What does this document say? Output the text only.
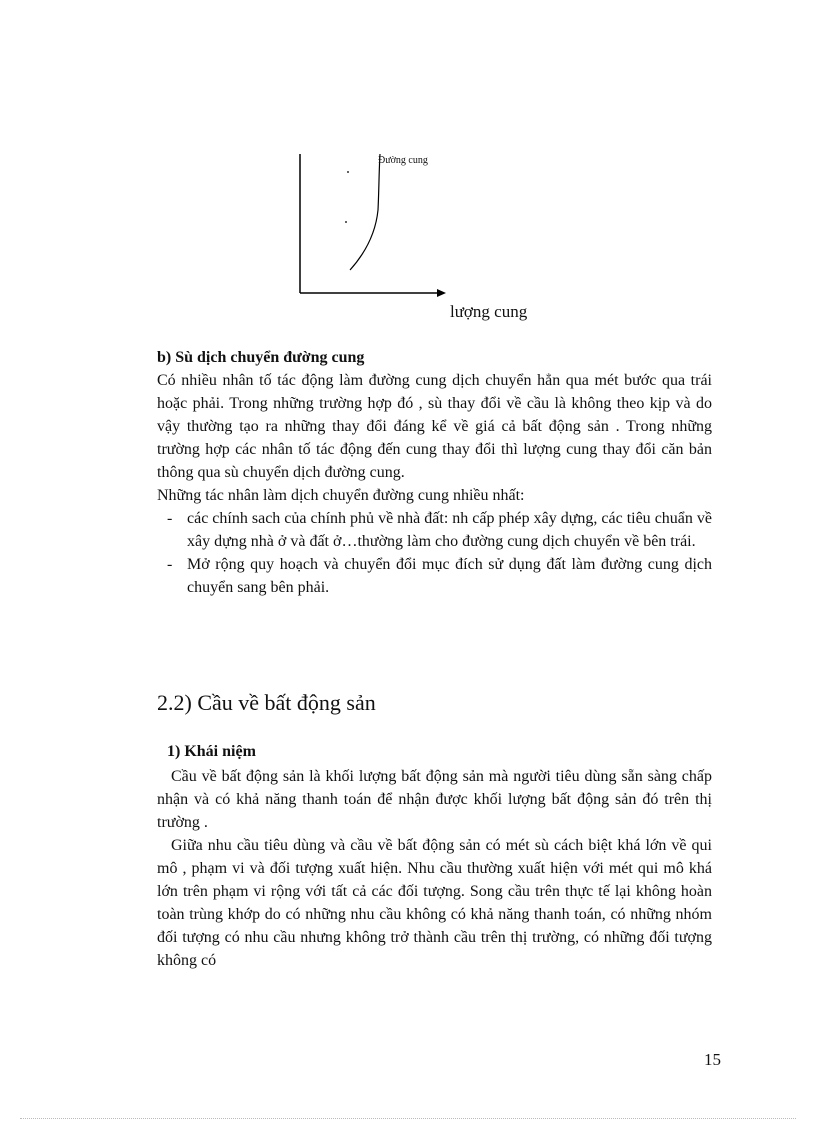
Đường cung
lượng cung

b) Sù dịch chuyển đường cung

Có nhiều nhân tố tác động làm đường cung dịch chuyển hẳn qua mét bước qua trái hoặc phải. Trong những trường hợp đó , sù thay đổi về cầu là không theo kịp và do vậy thường tạo ra những thay đổi đáng kể về giá cả bất động sản . Trong những trường hợp các nhân tố tác động đến cung thay đổi thì lượng cung thay đổi căn bản thông qua sù chuyển dịch đường cung.

Những tác nhân làm dịch chuyển đường cung nhiều nhất:

- các chính sach của chính phủ về nhà đất: nh cấp phép xây dựng, các tiêu chuẩn về xây dựng nhà ở và đất ở…thường làm cho đường cung dịch chuyển về bên trái.
- Mở rộng quy hoạch và chuyển đổi mục đích sử dụng đất làm đường cung dịch chuyển sang bên phải.
2.2) Cầu về bất động sản

1) Khái niệm

Cầu về bất động sản là khối lượng bất động sản mà người tiêu dùng sẵn sàng chấp nhận và có khả năng thanh toán để nhận được khối lượng bất động sản đó trên thị trường .

Giữa nhu cầu tiêu dùng và cầu về bất động sản có mét sù cách biệt khá lớn về qui mô , phạm vi và đối tượng xuất hiện. Nhu cầu thường xuất hiện với mét qui mô khá lớn trên phạm vi rộng với tất cả các đối tượng. Song cầu trên thực tế lại không hoàn toàn trùng khớp do có những nhu cầu không có khả năng thanh toán, có những nhóm đối tượng có nhu cầu nhưng không trở thành cầu trên thị trường, có những đối tượng không có

15
